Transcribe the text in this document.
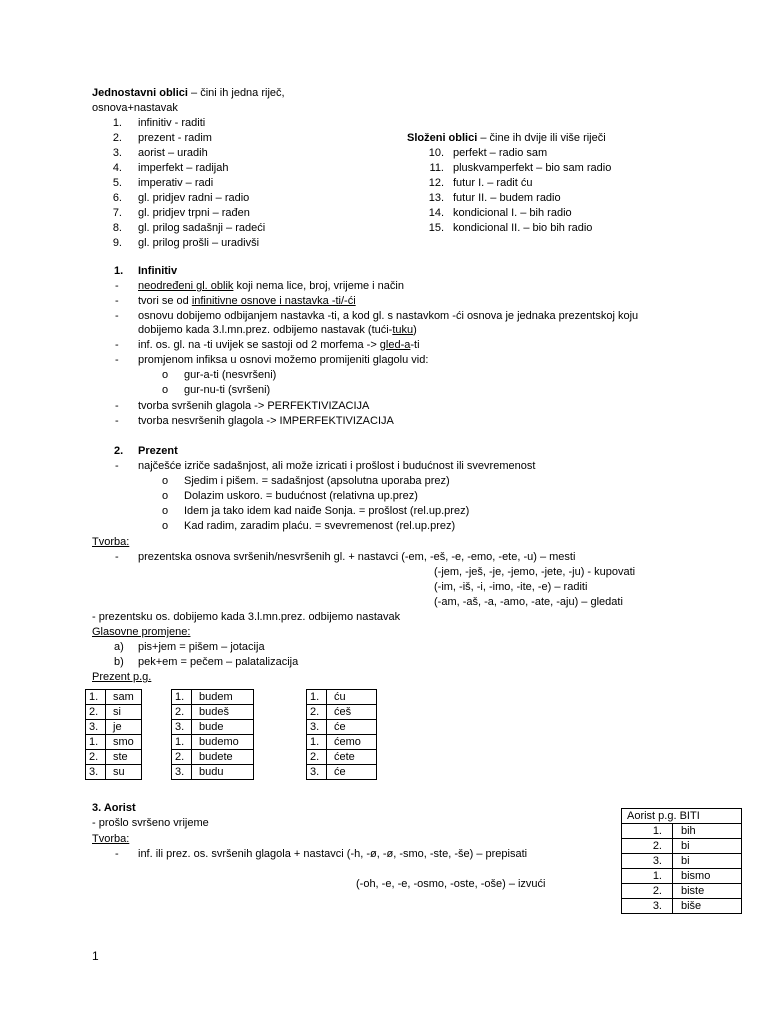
Jednostavni oblici – čini ih jedna riječ,
osnova+nastavak
1. infinitiv - raditi
2. prezent - radim
3. aorist – uradih
4. imperfekt – radijah
5. imperativ – radi
6. gl. pridjev radni – radio
7. gl. pridjev trpni – rađen
8. gl. prilog sadašnji – radeći
9. gl. prilog prošli – uradivši
Složeni oblici – čine ih dvije ili više riječi
10. perfekt – radio sam
11. pluskvamperfekt – bio sam radio
12. futur I. – radit ću
13. futur II. – budem radio
14. kondicional I. – bih radio
15. kondicional II. – bio bih radio
1. Infinitiv
- neodređeni gl. oblik koji nema lice, broj, vrijeme i način
- tvori se od infinitivne osnove i nastavka -ti/-ći
- osnovu dobijemo odbijanjem nastavka -ti, a kod gl. s nastavkom -ći osnova je jednaka prezentskoj koju
dobijemo kada 3.l.mn.prez. odbijemo nastavak (tući-tuku)
- inf. os. gl. na -ti uvijek se sastoji od 2 morfema -> gled-a-ti
- promjenom infiksa u osnovi možemo promijeniti glagolu vid:
o gur-a-ti (nesvršeni)
o gur-nu-ti (svršeni)
- tvorba svršenih glagola -> PERFEKTIVIZACIJA
- tvorba nesvršenih glagola -> IMPERFEKTIVIZACIJA
2. Prezent
- najčešće izriče sadašnjost, ali može izricati i prošlost i budućnost ili svevremenost
o Sjedim i pišem. = sadašnjost (apsolutna uporaba prez)
o Dolazim uskoro. = budućnost (relativna up.prez)
o Idem ja tako idem kad naiđe Sonja. = prošlost (rel.up.prez)
o Kad radim, zaradim plaću. = svevremenost (rel.up.prez)
Tvorba:
- prezentska osnova svršenih/nesvršenih gl. + nastavci (-em, -eš, -e, -emo, -ete, -u) – mesti
(-jem, -ješ, -je, -jemo, -jete, -ju) - kupovati
(-im, -iš, -i, -imo, -ite, -e) – raditi
(-am, -aš, -a, -amo, -ate, -aju) – gledati
- prezentsku os. dobijemo kada 3.l.mn.prez. odbijemo nastavak
Glasovne promjene:
a) pis+jem = pišem – jotacija
b) pek+em = pečem – palatalizacija
Prezent p.g.
1.	sam
2.	si
3.	je
1.	smo
2.	ste
3.	su
1.	budem
2.	budeš
3.	bude
1.	budemo
2.	budete
3.	budu
1.	ću
2.	ćeš
3.	će
1.	ćemo
2.	ćete
3.	će
3. Aorist
- prošlo svršeno vrijeme
Tvorba:
- inf. ili prez. os. svršenih glagola + nastavci (-h, -ø, -ø, -smo, -ste, -še) – prepisati
(-oh, -e, -e, -osmo, -oste, -oše) – izvući
Aorist p.g. BITI	
1.	bih
2.	bi
3.	bi
1.	bismo
2.	biste
3.	biše
1
